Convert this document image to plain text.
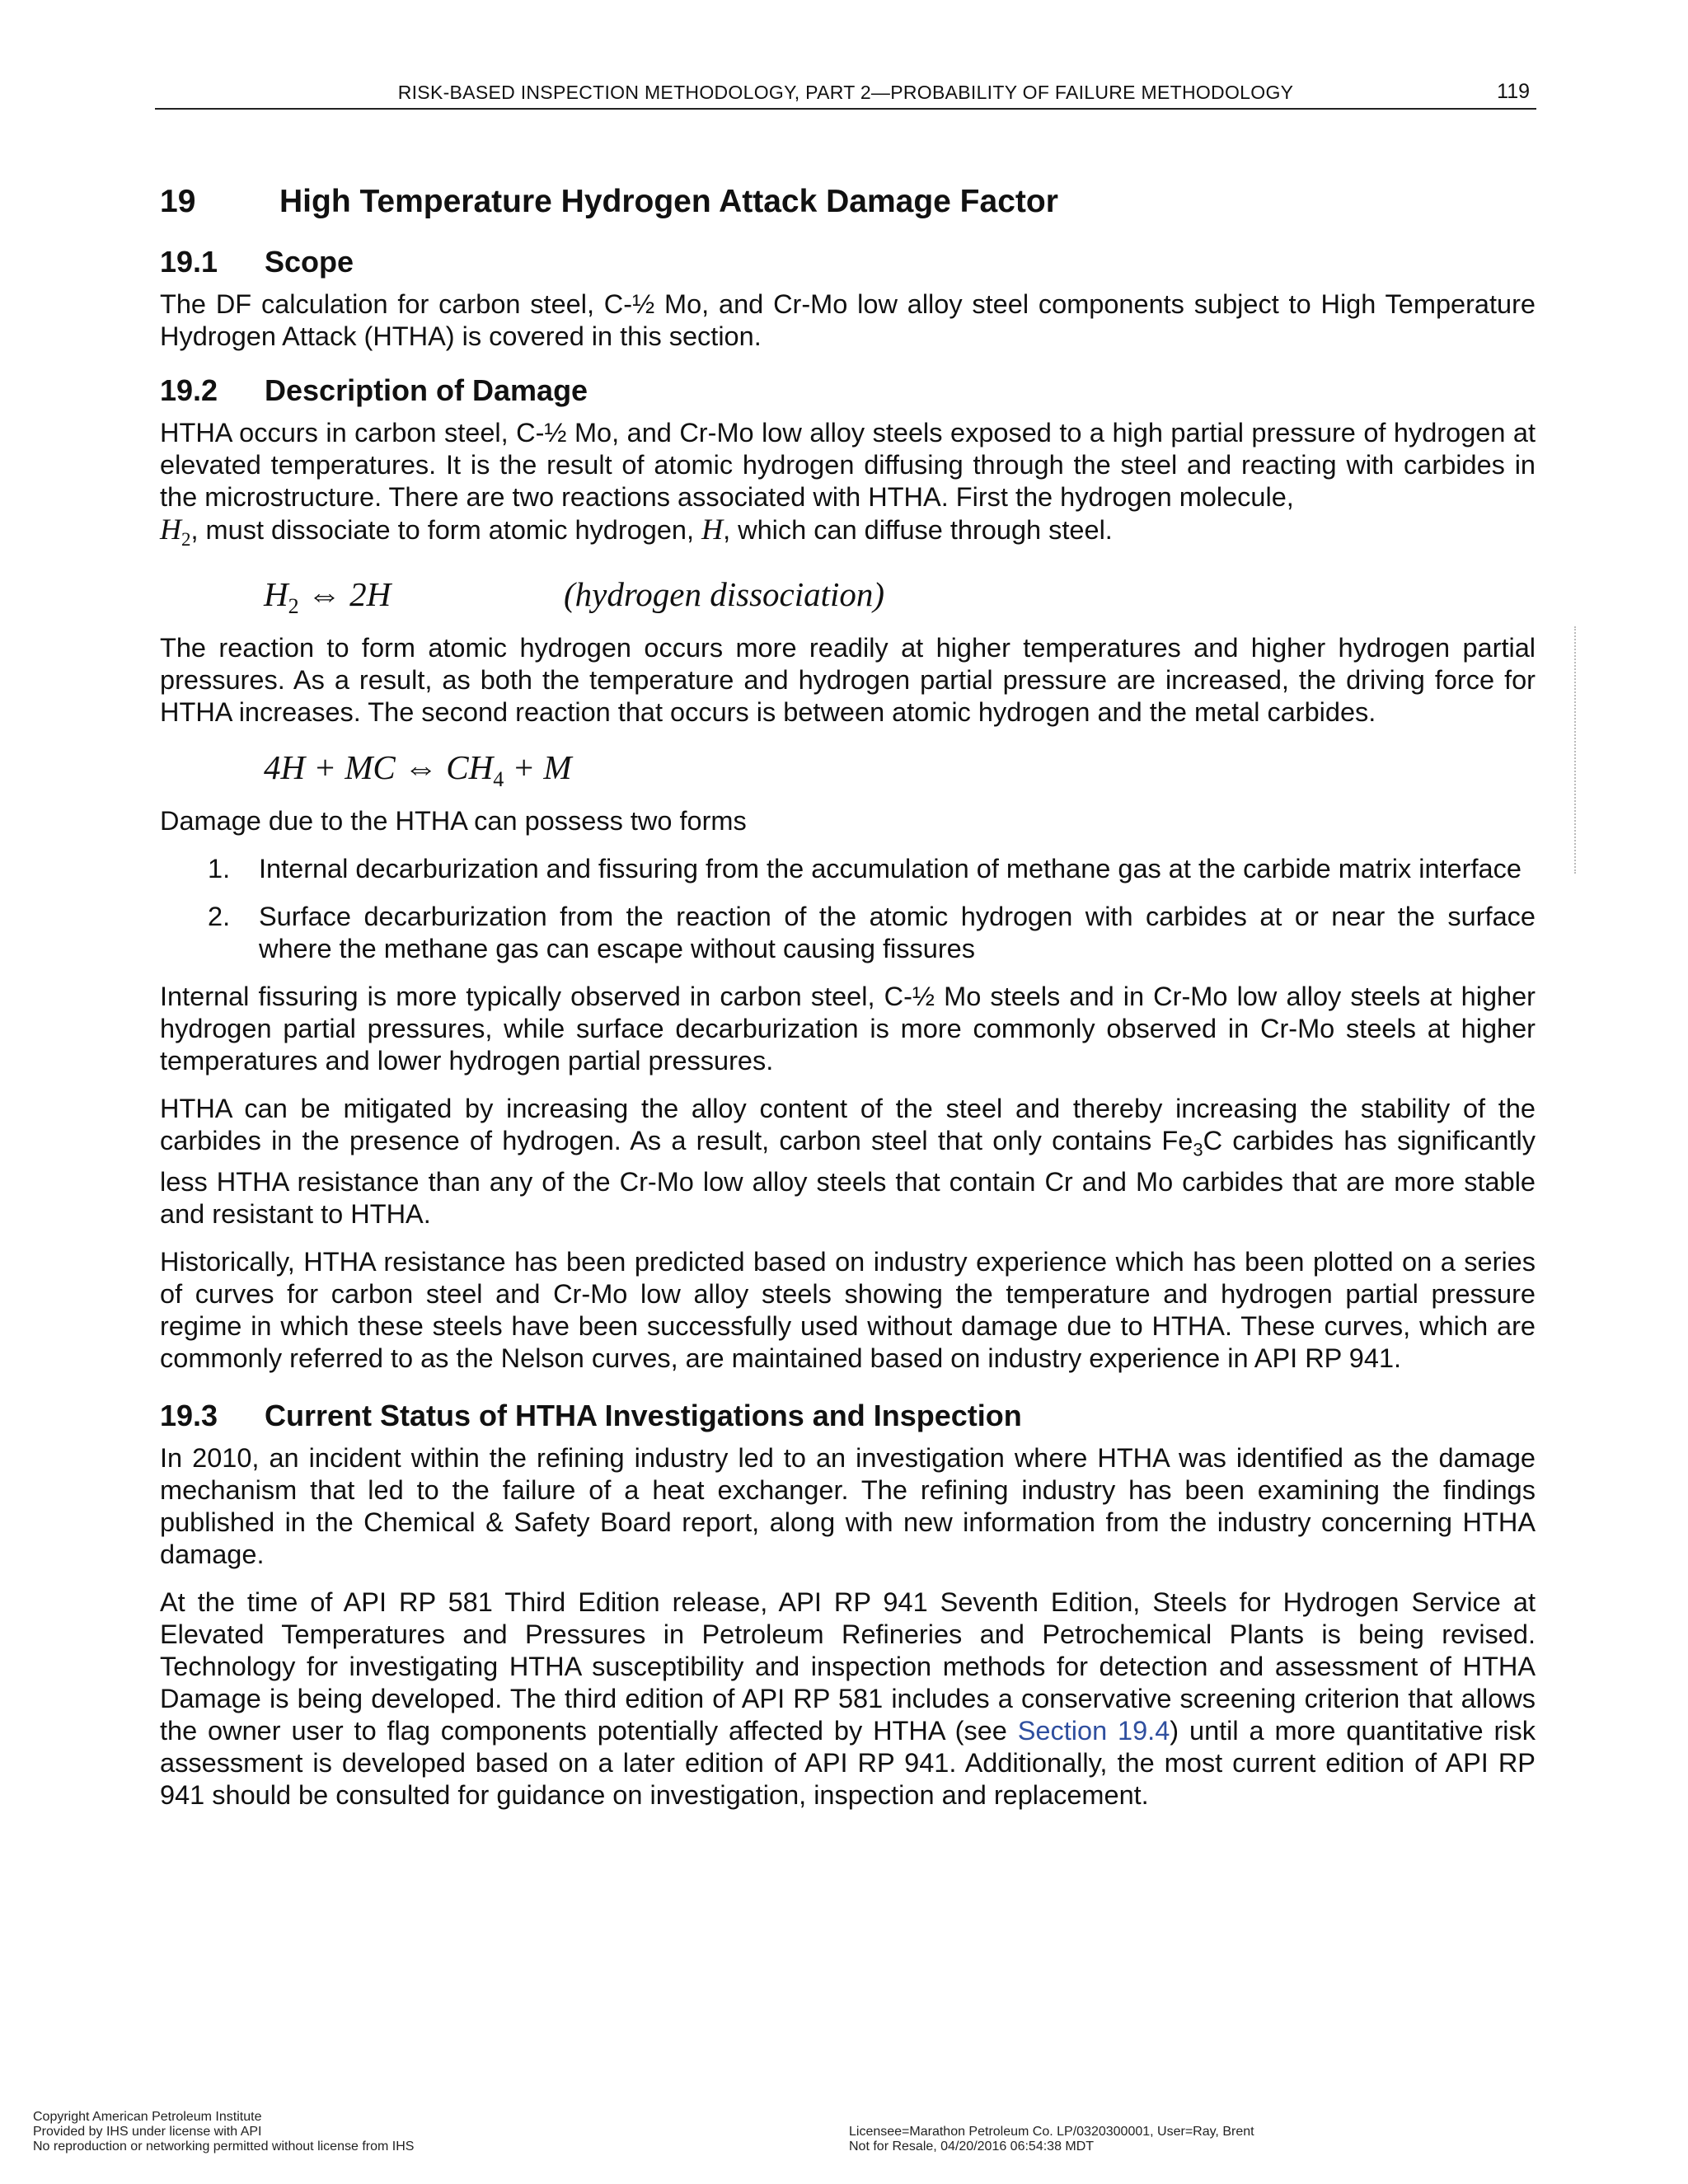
RISK-BASED INSPECTION METHODOLOGY, PART 2—PROBABILITY OF FAILURE METHODOLOGY	119
19	High Temperature Hydrogen Attack Damage Factor
19.1 Scope

The DF calculation for carbon steel, C-½ Mo, and Cr-Mo low alloy steel components subject to High Temperature Hydrogen Attack (HTHA) is covered in this section.

19.2 Description of Damage

HTHA occurs in carbon steel, C-½ Mo, and Cr-Mo low alloy steels exposed to a high partial pressure of hydrogen at elevated temperatures. It is the result of atomic hydrogen diffusing through the steel and reacting with carbides in the microstructure. There are two reactions associated with HTHA. First the hydrogen molecule,
$H_2$, must dissociate to form atomic hydrogen, H, which can diffuse through steel.

$H_2$ ⇔ 2H	(hydrogen dissociation)

The reaction to form atomic hydrogen occurs more readily at higher temperatures and higher hydrogen partial pressures. As a result, as both the temperature and hydrogen partial pressure are increased, the driving force for HTHA increases. The second reaction that occurs is between atomic hydrogen and the metal carbides.

4H + MC ⇔ $CH_4 + M$

Damage due to the HTHA can possess two forms

1. Internal decarburization and fissuring from the accumulation of methane gas at the carbide matrix interface
2. Surface decarburization from the reaction of the atomic hydrogen with carbides at or near the surface where the methane gas can escape without causing fissures

Internal fissuring is more typically observed in carbon steel, C-½ Mo steels and in Cr-Mo low alloy steels at higher hydrogen partial pressures, while surface decarburization is more commonly observed in Cr-Mo steels at higher temperatures and lower hydrogen partial pressures.

HTHA can be mitigated by increasing the alloy content of the steel and thereby increasing the stability of the carbides in the presence of hydrogen. As a result, carbon steel that only contains $Fe_3C$ carbides has significantly less HTHA resistance than any of the Cr-Mo low alloy steels that contain Cr and Mo carbides that are more stable and resistant to HTHA.

Historically, HTHA resistance has been predicted based on industry experience which has been plotted on a series of curves for carbon steel and Cr-Mo low alloy steels showing the temperature and hydrogen partial pressure regime in which these steels have been successfully used without damage due to HTHA. These curves, which are commonly referred to as the Nelson curves, are maintained based on industry experience in API RP 941.

19.3 Current Status of HTHA Investigations and Inspection

In 2010, an incident within the refining industry led to an investigation where HTHA was identified as the damage mechanism that led to the failure of a heat exchanger. The refining industry has been examining the findings published in the Chemical & Safety Board report, along with new information from the industry concerning HTHA damage.

At the time of API RP 581 Third Edition release, API RP 941 Seventh Edition, Steels for Hydrogen Service at Elevated Temperatures and Pressures in Petroleum Refineries and Petrochemical Plants is being revised. Technology for investigating HTHA susceptibility and inspection methods for detection and assessment of HTHA Damage is being developed. The third edition of API RP 581 includes a conservative screening criterion that allows the owner user to flag components potentially affected by HTHA (see Section 19.4) until a more quantitative risk assessment is developed based on a later edition of API RP 941. Additionally, the most current edition of API RP 941 should be consulted for guidance on investigation, inspection and replacement.

Copyright American Petroleum Institute
Provided by IHS under license with API
No reproduction or networking permitted without license from IHS
Licensee=Marathon Petroleum Co. LP/0320300001, User=Ray, Brent
Not for Resale, 04/20/2016 06:54:38 MDT
